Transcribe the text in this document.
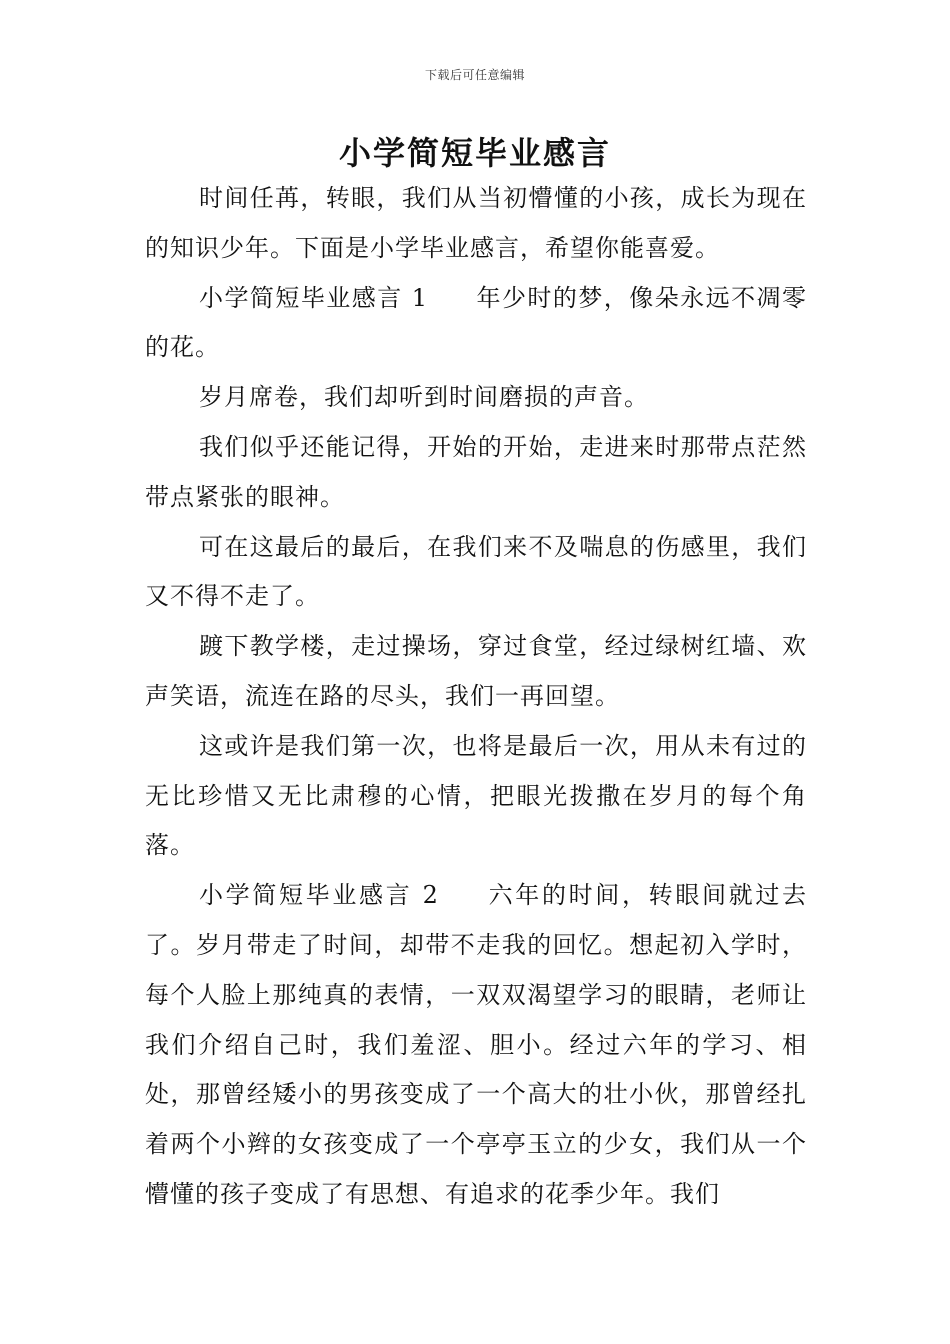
下载后可任意编辑
小学简短毕业感言

时间任苒，转眼，我们从当初懵懂的小孩，成长为现在的知识少年。下面是小学毕业感言，希望你能喜爱。

小学简短毕业感言 1 年少时的梦，像朵永远不凋零的花。

岁月席卷，我们却听到时间磨损的声音。

我们似乎还能记得，开始的开始，走进来时那带点茫然带点紧张的眼神。

可在这最后的最后，在我们来不及喘息的伤感里，我们又不得不走了。

踱下教学楼，走过操场，穿过食堂，经过绿树红墙、欢声笑语，流连在路的尽头，我们一再回望。

这或许是我们第一次，也将是最后一次，用从未有过的无比珍惜又无比肃穆的心情，把眼光拨撒在岁月的每个角落。

小学简短毕业感言 2 六年的时间，转眼间就过去了。岁月带走了时间，却带不走我的回忆。想起初入学时，每个人脸上那纯真的表情，一双双渴望学习的眼睛，老师让我们介绍自己时，我们羞涩、胆小。经过六年的学习、相处，那曾经矮小的男孩变成了一个高大的壮小伙，那曾经扎着两个小辫的女孩变成了一个亭亭玉立的少女，我们从一个懵懂的孩子变成了有思想、有追求的花季少年。我们
